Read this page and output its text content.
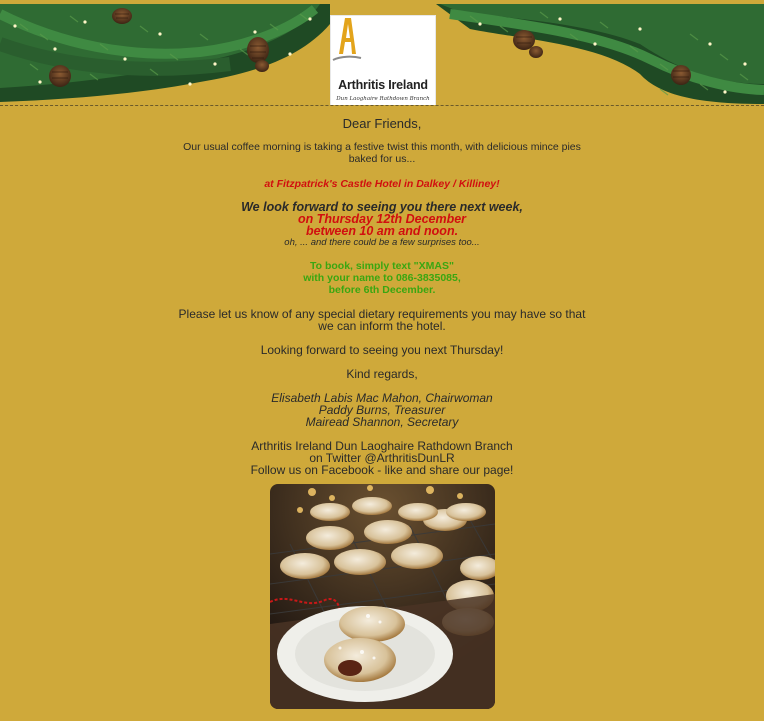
Arthritis Ireland
Dun Laoghaire Rathdown Branch

Dear Friends,

Our usual coffee morning is taking a festive twist this month, with delicious mince pies

baked for us...

at Fitzpatrick's Castle Hotel in Dalkey / Killiney!

We look forward to seeing you there next week,

on Thursday 12th December

between 10 am and noon.

oh, ... and there could be a few surprises too...

To book, simply text "XMAS"

with your name to 086-3835085,

before 6th December.

Please let us know of any special dietary requirements you may have so that

we can inform the hotel.

Looking forward to seeing you next Thursday!

Kind regards,

Elisabeth Labis Mac Mahon, Chairwoman

Paddy Burns, Treasurer

Mairead Shannon, Secretary

Arthritis Ireland Dun Laoghaire Rathdown Branch

on Twitter @ArthritisDunLR

Follow us on Facebook - like and share our page!
